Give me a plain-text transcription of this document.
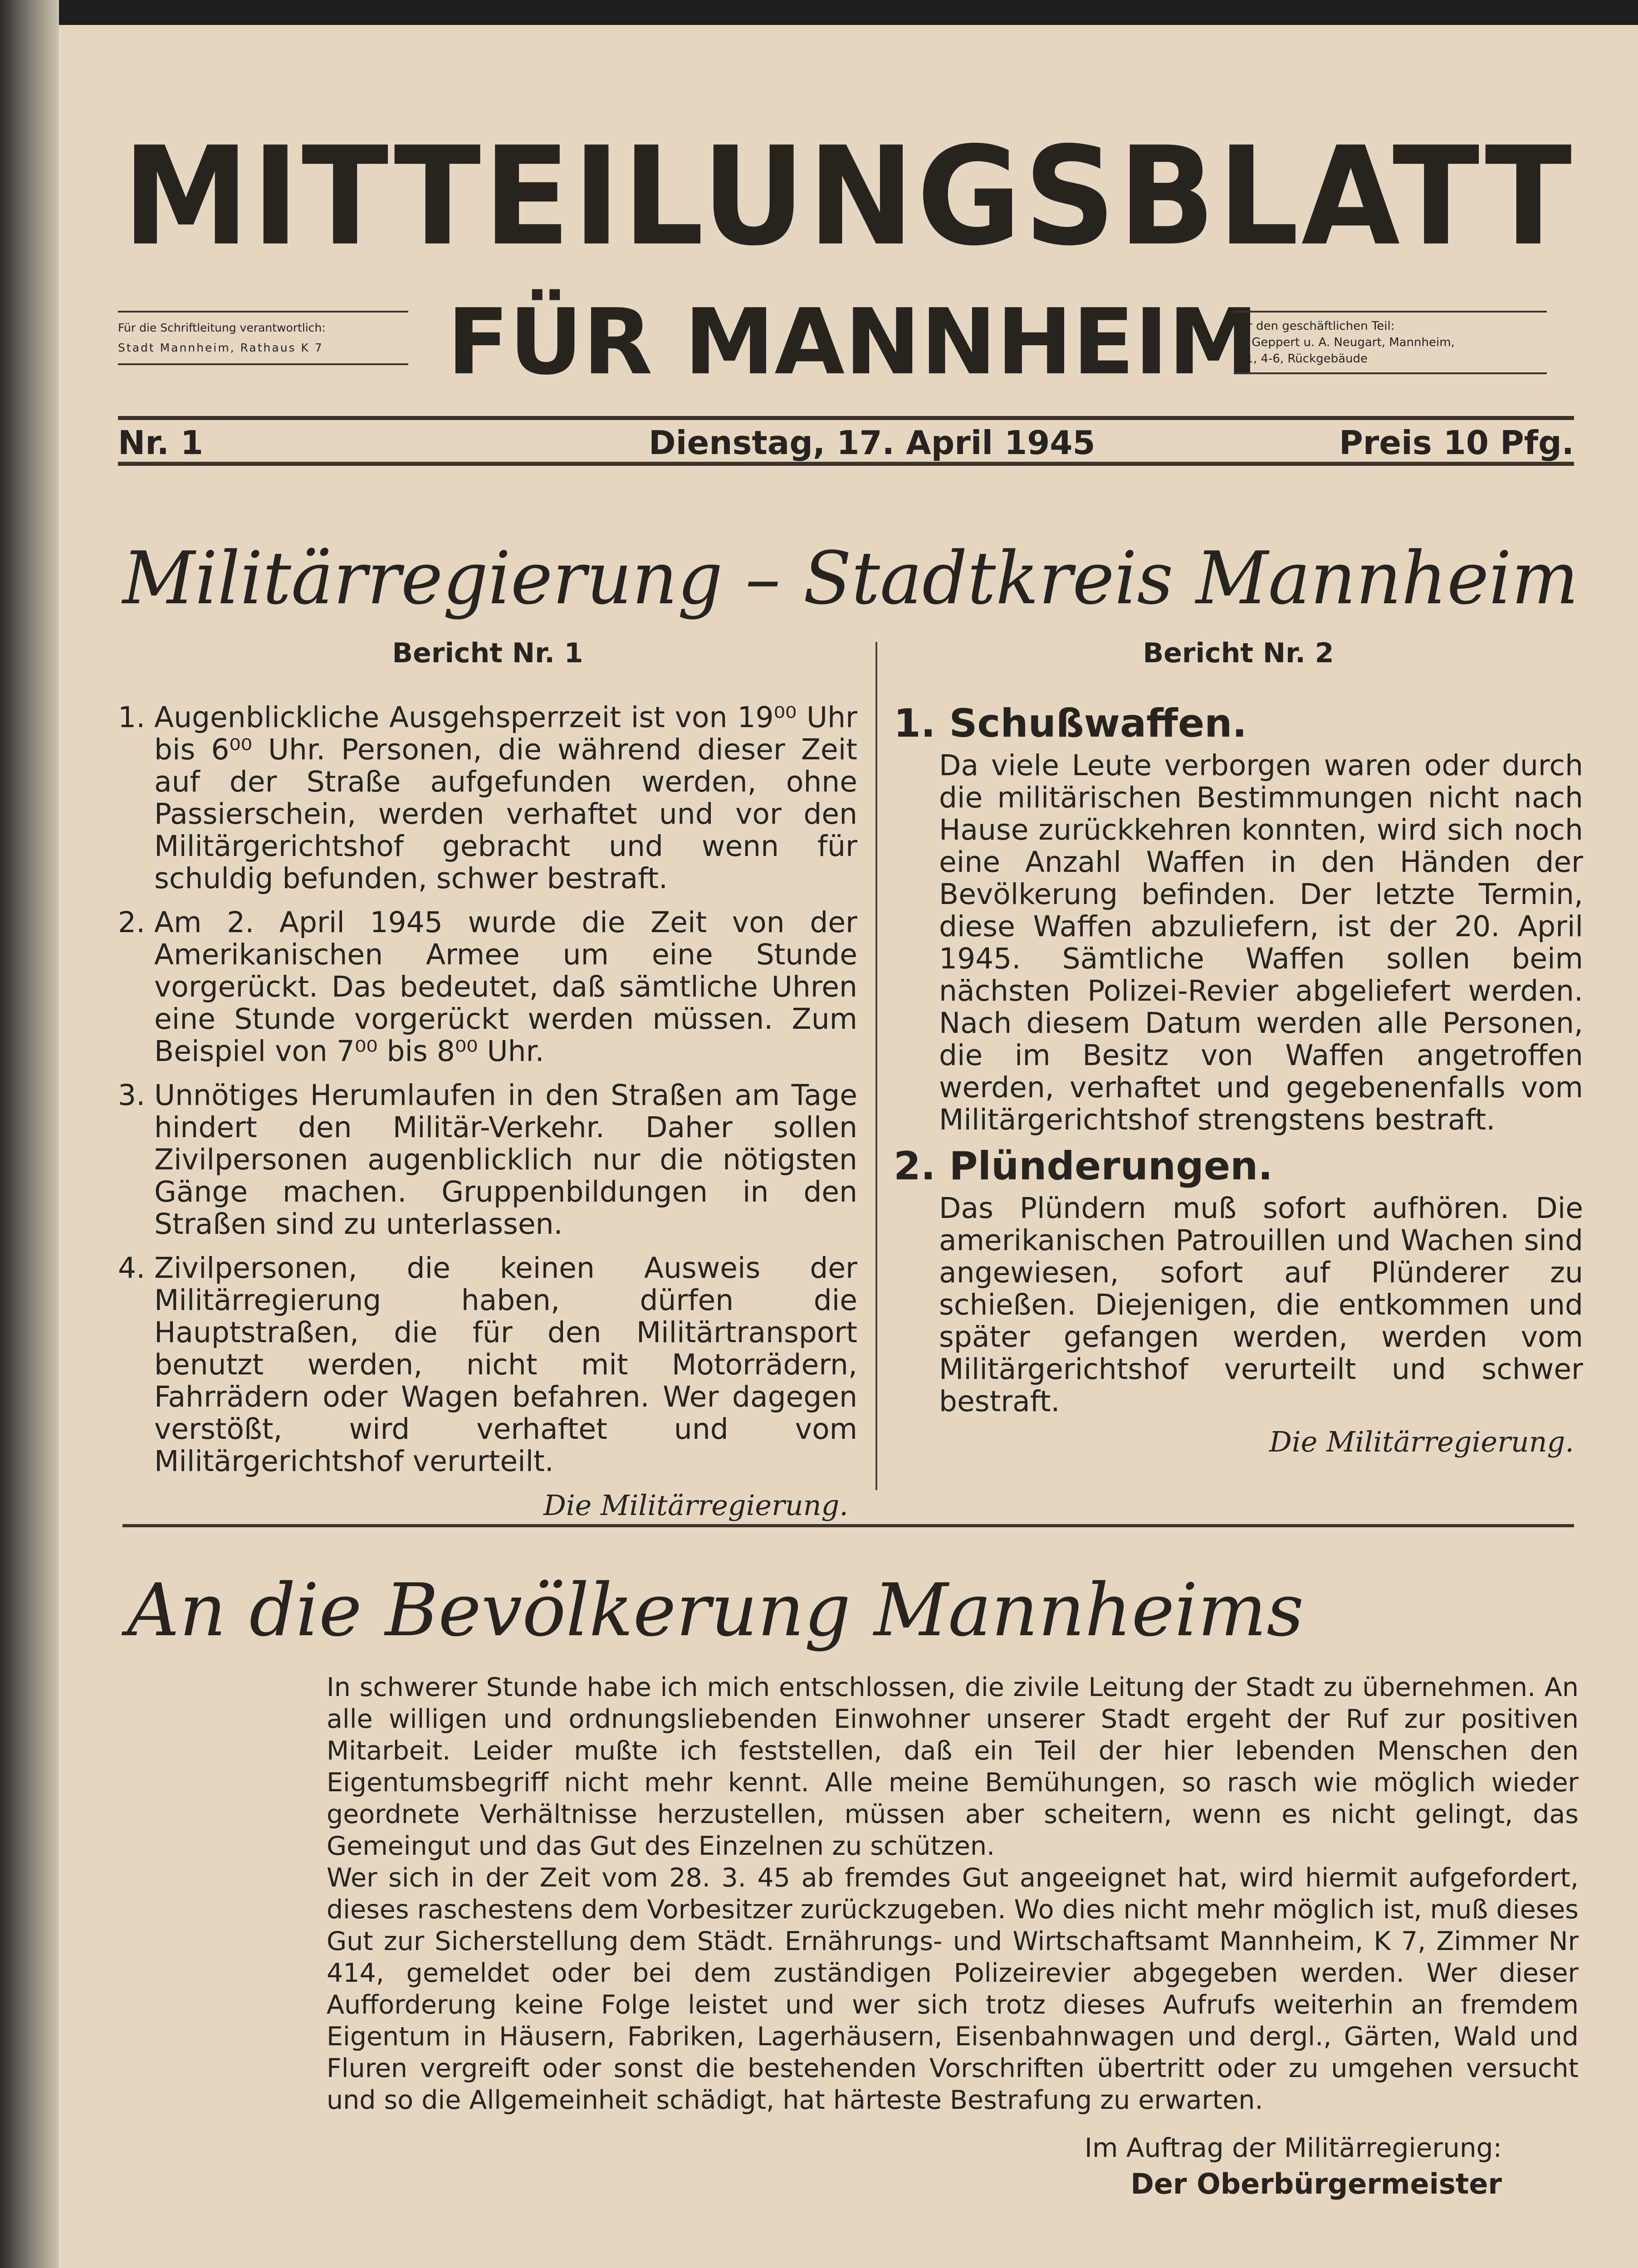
MITTEILUNGSBLATT
Für die Schriftleitung verantwortlich:
Stadt Mannheim, Rathaus K 7	FÜR MANNHEIM
Für den geschäftlichen Teil:
W. Geppert u. A. Neugart, Mannheim,
R 1, 4-6, Rückgebäude
Nr. 1	Dienstag, 17. April 1945	Preis 10 Pfg.
Militärregierung – Stadtkreis Mannheim
Bericht Nr. 1
1. Augenblickliche Ausgehsperrzeit ist von 19⁰⁰ Uhr bis 6⁰⁰ Uhr. Personen, die während dieser Zeit auf der Straße aufgefunden werden, ohne Passierschein, werden verhaftet und vor den Militärgerichtshof gebracht und wenn für schuldig befunden, schwer bestraft.
2. Am 2. April 1945 wurde die Zeit von der Amerikanischen Armee um eine Stunde vorgerückt. Das bedeutet, daß sämtliche Uhren eine Stunde vorgerückt werden müssen. Zum Beispiel von 7⁰⁰ bis 8⁰⁰ Uhr.
3. Unnötiges Herumlaufen in den Straßen am Tage hindert den Militär-Verkehr. Daher sollen Zivilpersonen augenblicklich nur die nötigsten Gänge machen. Gruppenbildungen in den Straßen sind zu unterlassen.
4. Zivilpersonen, die keinen Ausweis der Militärregierung haben, dürfen die Hauptstraßen, die für den Militärtransport benutzt werden, nicht mit Motorrädern, Fahrrädern oder Wagen befahren. Wer dagegen verstößt, wird verhaftet und vom Militärgerichtshof verurteilt.
Die Militärregierung.
Bericht Nr. 2
1. Schußwaffen.
Da viele Leute verborgen waren oder durch die militärischen Bestimmungen nicht nach Hause zurückkehren konnten, wird sich noch eine Anzahl Waffen in den Händen der Bevölkerung befinden. Der letzte Termin, diese Waffen abzuliefern, ist der 20. April 1945. Sämtliche Waffen sollen beim nächsten Polizei-Revier abgeliefert werden. Nach diesem Datum werden alle Personen, die im Besitz von Waffen angetroffen werden, verhaftet und gegebenenfalls vom Militärgerichtshof strengstens bestraft.
2. Plünderungen.
Das Plündern muß sofort aufhören. Die amerikanischen Patrouillen und Wachen sind angewiesen, sofort auf Plünderer zu schießen. Diejenigen, die entkommen und später gefangen werden, werden vom Militärgerichtshof verurteilt und schwer bestraft.
Die Militärregierung.
An die Bevölkerung Mannheims

In schwerer Stunde habe ich mich entschlossen, die zivile Leitung der Stadt zu übernehmen. An alle willigen und ordnungsliebenden Einwohner unserer Stadt ergeht der Ruf zur positiven Mitarbeit. Leider mußte ich feststellen, daß ein Teil der hier lebenden Menschen den Eigentumsbegriff nicht mehr kennt. Alle meine Bemühungen, so rasch wie möglich wieder geordnete Verhältnisse herzustellen, müssen aber scheitern, wenn es nicht gelingt, das Gemeingut und das Gut des Einzelnen zu schützen.

Wer sich in der Zeit vom 28. 3. 45 ab fremdes Gut angeeignet hat, wird hiermit aufgefordert, dieses raschestens dem Vorbesitzer zurückzugeben. Wo dies nicht mehr möglich ist, muß dieses Gut zur Sicherstellung dem Städt. Ernährungs- und Wirtschaftsamt Mannheim, K 7, Zimmer Nr 414, gemeldet oder bei dem zuständigen Polizeirevier abgegeben werden. Wer dieser Aufforderung keine Folge leistet und wer sich trotz dieses Aufrufs weiterhin an fremdem Eigentum in Häusern, Fabriken, Lagerhäusern, Eisenbahnwagen und dergl., Gärten, Wald und Fluren vergreift oder sonst die bestehenden Vorschriften übertritt oder zu umgehen versucht und so die Allgemeinheit schädigt, hat härteste Bestrafung zu erwarten.

Im Auftrag der Militärregierung:
Der Oberbürgermeister
